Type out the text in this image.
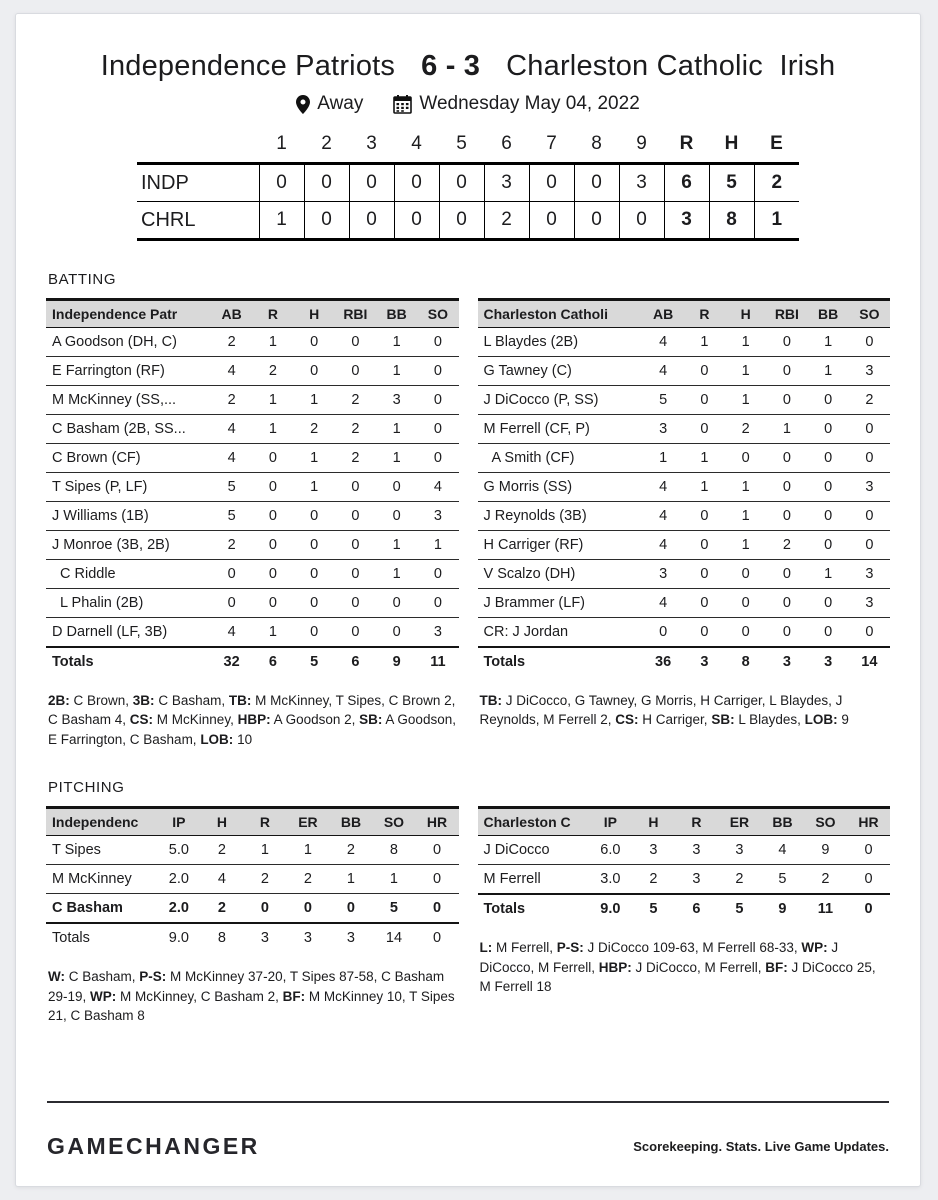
Independence Patriots 6 - 3 Charleston Catholic  Irish
Away	Wednesday May 04, 2022
	1	2	3	4	5	6	7	8	9	R	H	E
INDP	0	0	0	0	0	3	0	0	3	6	5	2
CHRL	1	0	0	0	0	2	0	0	0	3	8	1
BATTING
Independence Patr	AB	R	H	RBI	BB	SO
A Goodson (DH, C)	2	1	0	0	1	0
E Farrington (RF)	4	2	0	0	1	0
M McKinney (SS,...	2	1	1	2	3	0
C Basham (2B, SS...	4	1	2	2	1	0
C Brown (CF)	4	0	1	2	1	0
T Sipes (P, LF)	5	0	1	0	0	4
J Williams (1B)	5	0	0	0	0	3
J Monroe (3B, 2B)	2	0	0	0	1	1
C Riddle	0	0	0	0	1	0
L Phalin (2B)	0	0	0	0	0	0
D Darnell (LF, 3B)	4	1	0	0	0	3
Totals	32	6	5	6	9	11

2B: C Brown, 3B: C Basham, TB: M McKinney, T Sipes, C Brown 2, C Basham 4, CS: M McKinney, HBP: A Goodson 2, SB: A Goodson, E Farrington, C Basham, LOB: 10

Charleston Catholi	AB	R	H	RBI	BB	SO
L Blaydes (2B)	4	1	1	0	1	0
G Tawney (C)	4	0	1	0	1	3
J DiCocco (P, SS)	5	0	1	0	0	2
M Ferrell (CF, P)	3	0	2	1	0	0
A Smith (CF)	1	1	0	0	0	0
G Morris (SS)	4	1	1	0	0	3
J Reynolds (3B)	4	0	1	0	0	0
H Carriger (RF)	4	0	1	2	0	0
V Scalzo (DH)	3	0	0	0	1	3
J Brammer (LF)	4	0	0	0	0	3
CR: J Jordan	0	0	0	0	0	0
Totals	36	3	8	3	3	14

TB: J DiCocco, G Tawney, G Morris, H Carriger, L Blaydes, J Reynolds, M Ferrell 2, CS: H Carriger, SB: L Blaydes, LOB: 9

PITCHING
Independenc	IP	H	R	ER	BB	SO	HR
T Sipes	5.0	2	1	1	2	8	0
M McKinney	2.0	4	2	2	1	1	0
C Basham	2.0	2	0	0	0	5	0
Totals	9.0	8	3	3	3	14	0

W: C Basham, P-S: M McKinney 37-20, T Sipes 87-58, C Basham 29-19, WP: M McKinney, C Basham 2, BF: M McKinney 10, T Sipes 21, C Basham 8

Charleston C	IP	H	R	ER	BB	SO	HR
J DiCocco	6.0	3	3	3	4	9	0
M Ferrell	3.0	2	3	2	5	2	0
Totals	9.0	5	6	5	9	11	0

L: M Ferrell, P-S: J DiCocco 109-63, M Ferrell 68-33, WP: J DiCocco, M Ferrell, HBP: J DiCocco, M Ferrell, BF: J DiCocco 25, M Ferrell 18

GAMECHANGER	Scorekeeping. Stats. Live Game Updates.
